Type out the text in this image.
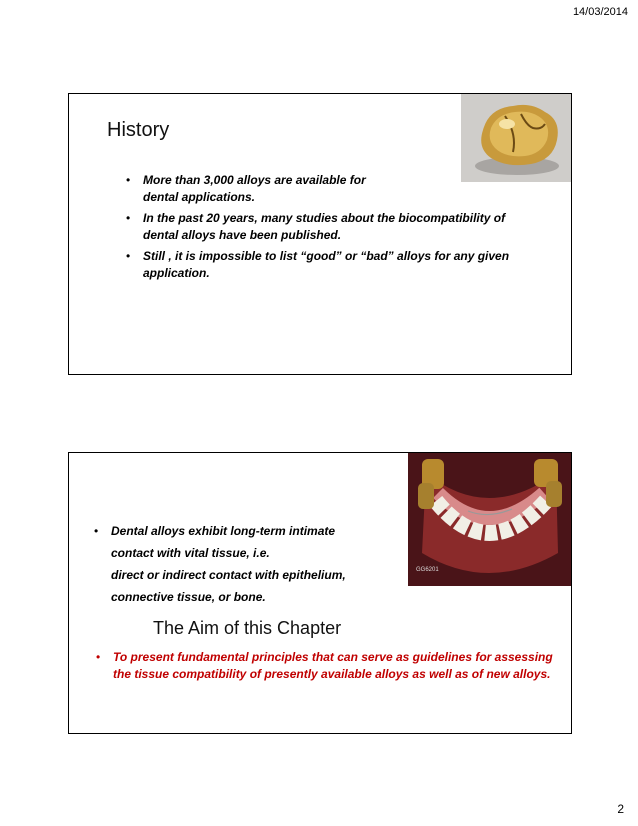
14/03/2014
History
• More than 3,000 alloys are available for dental applications.
• In the past 20 years, many studies about the biocompatibility of dental alloys have been published.
• Still , it is impossible to list “good” or “bad” alloys for any given application.
GG6201
• Dental alloys exhibit long-term intimate
contact with vital tissue, i.e.
direct or indirect contact with epithelium,
connective tissue, or bone.
The Aim of this Chapter
• To present fundamental principles that can serve as guidelines for assessing the tissue compatibility of presently available alloys as well as of new alloys.
2
